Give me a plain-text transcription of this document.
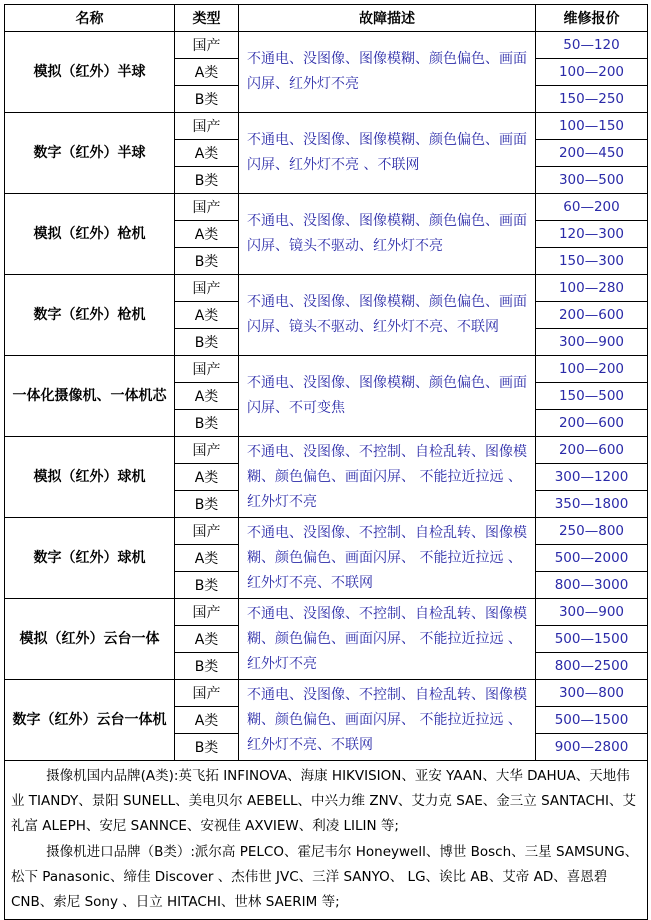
名称	类型	故障描述	维修报价
模拟（红外）半球	国产	不通电、没图像、图像模糊、颜色偏色、画面闪屏、红外灯不亮	50—120
	A类		100—200
	B类		150—250
数字（红外）半球	国产	不通电、没图像、图像模糊、颜色偏色、画面闪屏、红外灯不亮 、不联网	100—150
	A类		200—450
	B类		300—500
模拟（红外）枪机	国产	不通电、没图像、图像模糊、颜色偏色、画面闪屏、镜头不驱动、红外灯不亮	60—200
	A类		120—300
	B类		150—300
数字（红外）枪机	国产	不通电、没图像、图像模糊、颜色偏色、画面闪屏、镜头不驱动、红外灯不亮、不联网	100—280
	A类		200—600
	B类		300—900
一体化摄像机、一体机芯	国产	不通电、没图像、图像模糊、颜色偏色、画面闪屏、不可变焦	100—200
	A类		150—500
	B类		200—600
模拟（红外）球机	国产	不通电、没图像、不控制、自检乱转、图像模糊、颜色偏色、画面闪屏、 不能拉近拉远 、红外灯不亮	200—600
	A类		300—1200
	B类		350—1800
数字（红外）球机	国产	不通电、没图像、不控制、自检乱转、图像模糊、颜色偏色、画面闪屏、 不能拉近拉远 、红外灯不亮、不联网	250—800
	A类		500—2000
	B类		800—3000
模拟（红外）云台一体	国产	不通电、没图像、不控制、自检乱转、图像模糊、颜色偏色、画面闪屏、 不能拉近拉远 、红外灯不亮	300—900
	A类		500—1500
	B类		800—2500
数字（红外）云台一体机	国产	不通电、没图像、不控制、自检乱转、图像模糊、颜色偏色、画面闪屏、 不能拉近拉远 、红外灯不亮、不联网	300—800
	A类		500—1500
	B类		900—2800

摄像机国内品牌(A类):英飞拓 INFINOVA、海康 HIKVISION、亚安 YAAN、大华 DAHUA、天地伟业 TIANDY、景阳 SUNELL、美电贝尔 AEBELL、中兴力维 ZNV、艾力克 SAE、金三立 SANTACHI、艾礼富 ALEPH、安尼 SANNCE、安视佳 AXVIEW、利凌 LILIN 等;
摄像机进口品牌（B类）:派尔高 PELCO、霍尼韦尔 Honeywell、博世 Bosch、三星 SAMSUNG、松下 Panasonic、缔佳 Discover 、杰伟世 JVC、三洋 SANYO、 LG、诶比 AB、艾帝 AD、喜恩碧 CNB、索尼 Sony 、日立 HITACHI、世林 SAERIM 等;			
